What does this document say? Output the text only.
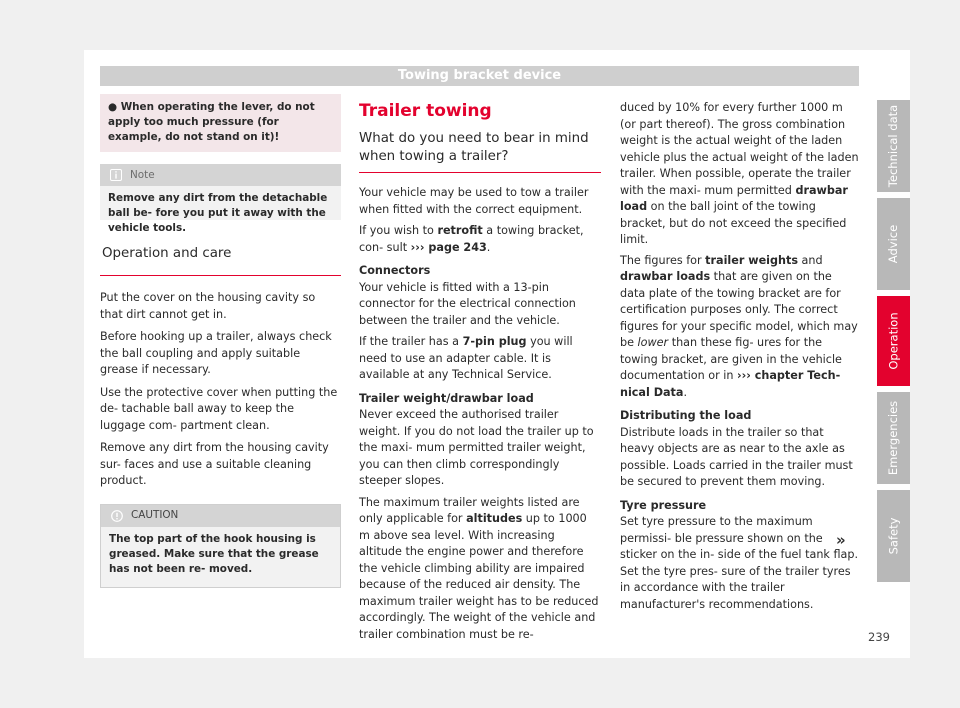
Towing bracket device
● When operating the lever, do not apply too much pressure (for example, do not stand on it)!
Note
Remove any dirt from the detachable ball be- fore you put it away with the vehicle tools.
Operation and care

Put the cover on the housing cavity so that dirt cannot get in.

Before hooking up a trailer, always check the ball coupling and apply suitable grease if necessary.

Use the protective cover when putting the de- tachable ball away to keep the luggage com- partment clean.

Remove any dirt from the housing cavity sur- faces and use a suitable cleaning product.

CAUTION
The top part of the hook housing is greased. Make sure that the grease has not been re- moved.
Trailer towing
What do you need to bear in mind when towing a trailer?

Your vehicle may be used to tow a trailer when fitted with the correct equipment.

If you wish to retrofit a towing bracket, con- sult ››› page 243.

Connectors

Your vehicle is fitted with a 13-pin connector for the electrical connection between the trailer and the vehicle.

If the trailer has a 7-pin plug you will need to use an adapter cable. It is available at any Technical Service.

Trailer weight/drawbar load

Never exceed the authorised trailer weight. If you do not load the trailer up to the maxi- mum permitted trailer weight, you can then climb correspondingly steeper slopes.

The maximum trailer weights listed are only applicable for altitudes up to 1000 m above sea level. With increasing altitude the engine power and therefore the vehicle climbing ability are impaired because of the reduced air density. The maximum trailer weight has to be reduced accordingly. The weight of the vehicle and trailer combination must be re-

duced by 10% for every further 1000 m (or part thereof). The gross combination weight is the actual weight of the laden vehicle plus the actual weight of the laden trailer. When possible, operate the trailer with the maxi- mum permitted drawbar load on the ball joint of the towing bracket, but do not exceed the specified limit.

The figures for trailer weights and drawbar loads that are given on the data plate of the towing bracket are for certification purposes only. The correct figures for your specific model, which may be lower than these fig- ures for the towing bracket, are given in the vehicle documentation or in ››› chapter Tech- nical Data.

Distributing the load

Distribute loads in the trailer so that heavy objects are as near to the axle as possible. Loads carried in the trailer must be secured to prevent them moving.

Tyre pressure

Set tyre pressure to the maximum permissi- ble pressure shown on the sticker on the in- side of the fuel tank flap. Set the tyre pres- sure of the trailer tyres in accordance with the trailer manufacturer's recommendations.

»
Technical data
Advice
Operation
Emergencies
Safety
239
